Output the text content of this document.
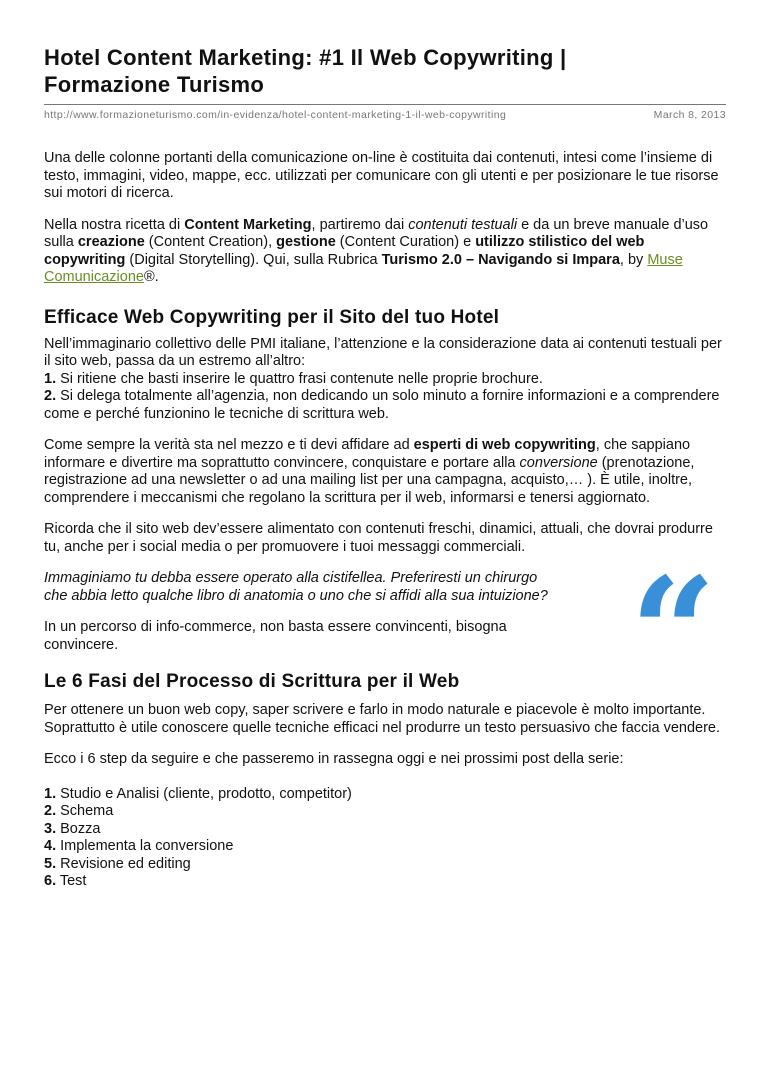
Hotel Content Marketing: #1 Il Web Copywriting |
Formazione Turismo
http://www.formazioneturismo.com/in-evidenza/hotel-content-marketing-1-il-web-copywriting	March 8, 2013

Una delle colonne portanti della comunicazione on-line è costituita dai contenuti, intesi come l’insieme di testo, immagini, video, mappe, ecc. utilizzati per comunicare con gli utenti e per posizionare le tue risorse sui motori di ricerca.

Nella nostra ricetta di Content Marketing, partiremo dai contenuti testuali e da un breve manuale d’uso sulla creazione (Content Creation), gestione (Content Curation) e utilizzo stilistico del web copywriting (Digital Storytelling). Qui, sulla Rubrica Turismo 2.0 – Navigando si Impara, by Muse Comunicazione®.

Efficace Web Copywriting per il Sito del tuo Hotel

Nell’immaginario collettivo delle PMI italiane, l’attenzione e la considerazione data ai contenuti testuali per il sito web, passa da un estremo all’altro:

1. Si ritiene che basti inserire le quattro frasi contenute nelle proprie brochure.

2. Si delega totalmente all’agenzia, non dedicando un solo minuto a fornire informazioni e a comprendere come e perché funzionino le tecniche di scrittura web.

Come sempre la verità sta nel mezzo e ti devi affidare ad esperti di web copywriting, che sappiano informare e divertire ma soprattutto convincere, conquistare e portare alla conversione (prenotazione, registrazione ad una newsletter o ad una mailing list per una campagna, acquisto,… ). È utile, inoltre, comprendere i meccanismi che regolano la scrittura per il web, informarsi e tenersi aggiornato.

Ricorda che il sito web dev’essere alimentato con contenuti freschi, dinamici, attuali, che dovrai produrre tu, anche per i social media o per promuovere i tuoi messaggi commerciali.

Immaginiamo tu debba essere operato alla cistifellea. Preferiresti un chirurgo
che abbia letto qualche libro di anatomia o uno che si affidi alla sua intuizione? “

In un percorso di info-commerce, non basta essere convincenti, bisogna convincere.

Le 6 Fasi del Processo di Scrittura per il Web

Per ottenere un buon web copy, saper scrivere e farlo in modo naturale e piacevole è molto importante. Soprattutto è utile conoscere quelle tecniche efficaci nel produrre un testo persuasivo che faccia vendere.

Ecco i 6 step da seguire e che passeremo in rassegna oggi e nei prossimi post della serie:

1. Studio e Analisi (cliente, prodotto, competitor)
2. Schema
3. Bozza
4. Implementa la conversione
5. Revisione ed editing
6. Test
